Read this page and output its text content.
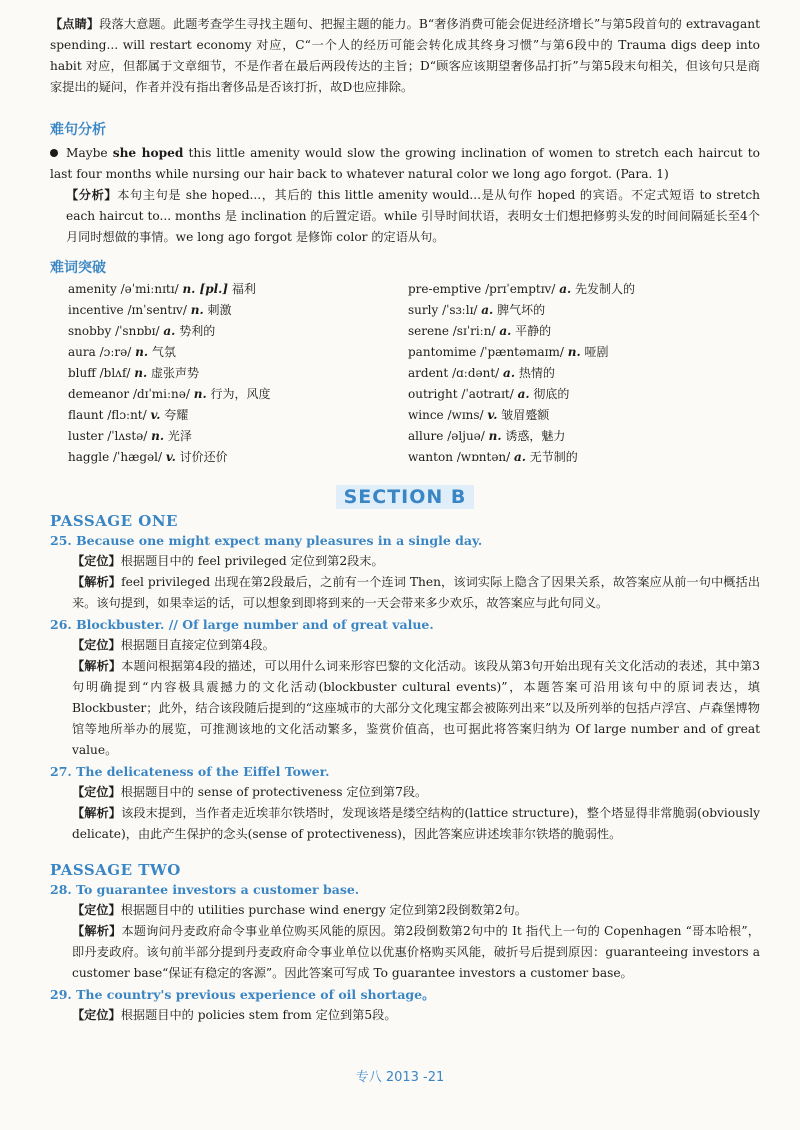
【点睛】段落大意题。此题考查学生寻找主题句、把握主题的能力。B“奢侈消费可能会促进经济增长”与第5段首句的 extravagant spending... will restart economy 对应，C“一个人的经历可能会转化成其终身习惯”与第6段中的 Trauma digs deep into habit 对应，但都属于文章细节，不是作者在最后两段传达的主旨；D“顾客应该期望奢侈品打折”与第5段末句相关，但该句只是商家提出的疑问，作者并没有指出奢侈品是否该打折，故D也应排除。

难句分析

Maybe she hoped this little amenity would slow the growing inclination of women to stretch each haircut to last four months while nursing our hair back to whatever natural color we long ago forgot. (Para. 1)

【分析】本句主句是 she hoped...，其后的 this little amenity would...是从句作 hoped 的宾语。不定式短语 to stretch each haircut to... months 是 inclination 的后置定语。while 引导时间状语，表明女士们想把修剪头发的时间间隔延长至4个月同时想做的事情。we long ago forgot 是修饰 color 的定语从句。

难词突破

amenity /əˈmiːnɪtɪ/ n. [pl.] 福利	pre-emptive /prɪˈemptɪv/ a. 先发制人的
incentive /ɪnˈsentɪv/ n. 刺激	surly /ˈsɜːlɪ/ a. 脾气坏的
snobby /ˈsnɒbɪ/ a. 势利的	serene /sɪˈriːn/ a. 平静的
aura /ɔːrə/ n. 气氛	pantomime /ˈpæntəmaɪm/ n. 哑剧
bluff /blʌf/ n. 虚张声势	ardent /ɑːdənt/ a. 热情的
demeanor /dɪˈmiːnə/ n. 行为，风度	outright /ˈaʊtraɪt/ a. 彻底的
flaunt /flɔːnt/ v. 夸耀	wince /wɪns/ v. 皱眉蹙额
luster /ˈlʌstə/ n. 光泽	allure /əljuə/ n. 诱惑，魅力
haggle /ˈhægəl/ v. 讨价还价	wanton /wɒntən/ a. 无节制的

SECTION B

PASSAGE ONE

25. Because one might expect many pleasures in a single day.

【定位】根据题目中的 feel privileged 定位到第2段末。

【解析】feel privileged 出现在第2段最后，之前有一个连词 Then，该词实际上隐含了因果关系，故答案应从前一句中概括出来。该句提到，如果幸运的话，可以想象到即将到来的一天会带来多少欢乐，故答案应与此句同义。

26. Blockbuster. // Of large number and of great value.

【定位】根据题目直接定位到第4段。

【解析】本题问根据第4段的描述，可以用什么词来形容巴黎的文化活动。该段从第3句开始出现有关文化活动的表述，其中第3句明确提到“内容极具震撼力的文化活动(blockbuster cultural events)”，本题答案可沿用该句中的原词表达，填 Blockbuster；此外，结合该段随后提到的“这座城市的大部分文化瑰宝都会被陈列出来”以及所列举的包括卢浮宫、卢森堡博物馆等地所举办的展览，可推测该地的文化活动繁多，鉴赏价值高，也可据此将答案归纳为 Of large number and of great value。

27. The delicateness of the Eiffel Tower.

【定位】根据题目中的 sense of protectiveness 定位到第7段。

【解析】该段末提到，当作者走近埃菲尔铁塔时，发现该塔是缕空结构的(lattice structure)，整个塔显得非常脆弱(obviously delicate)，由此产生保护的念头(sense of protectiveness)，因此答案应讲述埃菲尔铁塔的脆弱性。

PASSAGE TWO

28. To guarantee investors a customer base.

【定位】根据题目中的 utilities purchase wind energy 定位到第2段倒数第2句。

【解析】本题询问丹麦政府命令事业单位购买风能的原因。第2段倒数第2句中的 It 指代上一句的 Copenhagen “哥本哈根”，即丹麦政府。该句前半部分提到丹麦政府命令事业单位以优惠价格购买风能，破折号后提到原因：guaranteeing investors a customer base“保证有稳定的客源”。因此答案可写成 To guarantee investors a customer base。

29. The country's previous experience of oil shortage。

【定位】根据题目中的 policies stem from 定位到第5段。

专八 2013 -21
